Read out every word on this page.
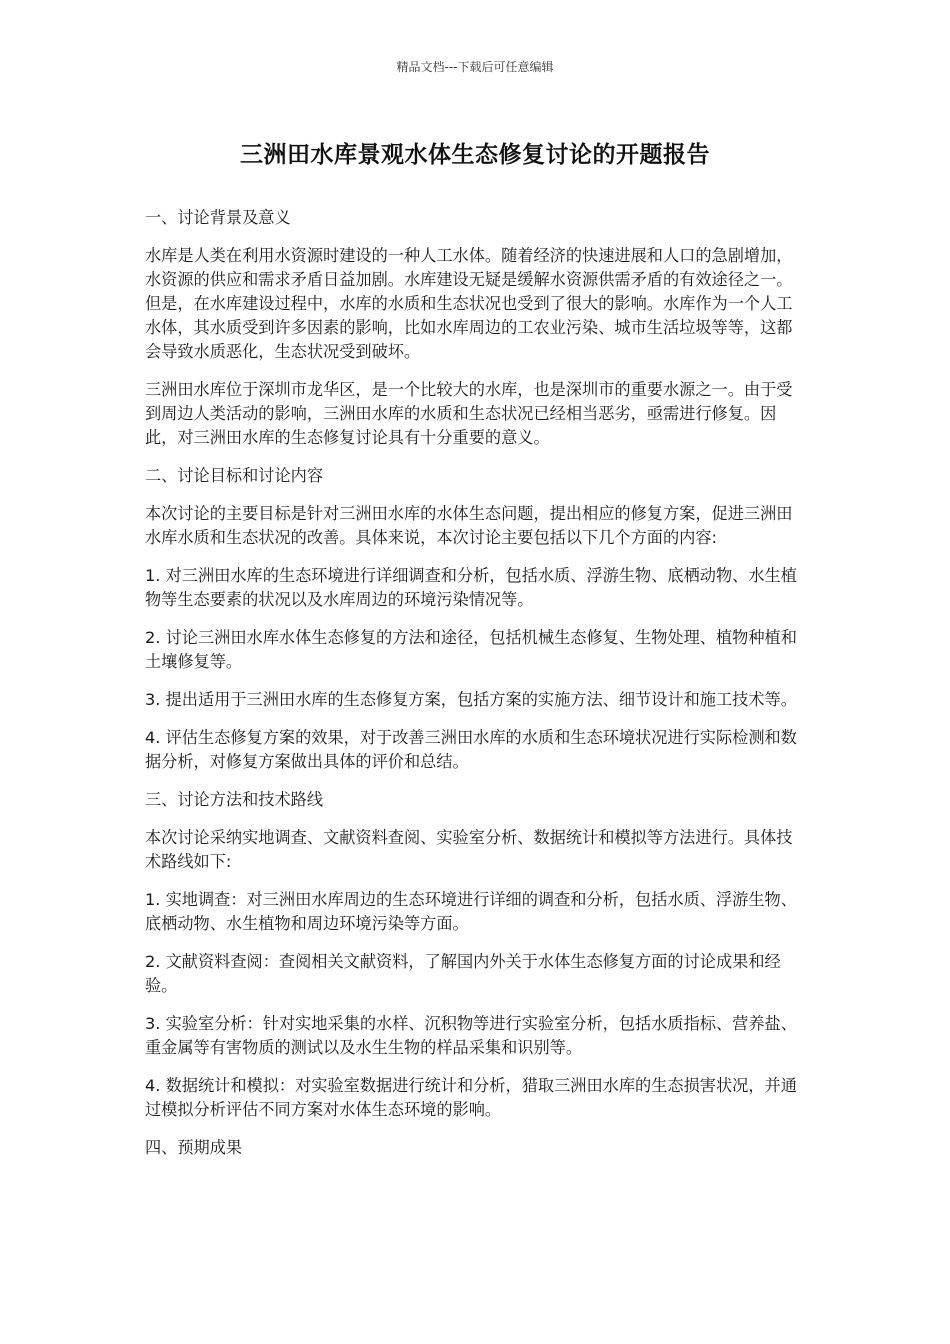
精品文档---下载后可任意编辑
三洲田水库景观水体生态修复讨论的开题报告
一、讨论背景及意义

水库是人类在利用水资源时建设的一种人工水体。随着经济的快速进展和人口的急剧增加，水资源的供应和需求矛盾日益加剧。水库建设无疑是缓解水资源供需矛盾的有效途径之一。但是，在水库建设过程中，水库的水质和生态状况也受到了很大的影响。水库作为一个人工水体，其水质受到许多因素的影响，比如水库周边的工农业污染、城市生活垃圾等等，这都会导致水质恶化，生态状况受到破坏。

三洲田水库位于深圳市龙华区，是一个比较大的水库，也是深圳市的重要水源之一。由于受到周边人类活动的影响，三洲田水库的水质和生态状况已经相当恶劣，亟需进行修复。因此，对三洲田水库的生态修复讨论具有十分重要的意义。

二、讨论目标和讨论内容

本次讨论的主要目标是针对三洲田水库的水体生态问题，提出相应的修复方案，促进三洲田水库水质和生态状况的改善。具体来说，本次讨论主要包括以下几个方面的内容:

1. 对三洲田水库的生态环境进行详细调查和分析，包括水质、浮游生物、底栖动物、水生植物等生态要素的状况以及水库周边的环境污染情况等。

2. 讨论三洲田水库水体生态修复的方法和途径，包括机械生态修复、生物处理、植物种植和土壤修复等。

3. 提出适用于三洲田水库的生态修复方案，包括方案的实施方法、细节设计和施工技术等。

4. 评估生态修复方案的效果，对于改善三洲田水库的水质和生态环境状况进行实际检测和数据分析，对修复方案做出具体的评价和总结。

三、讨论方法和技术路线

本次讨论采纳实地调查、文献资料查阅、实验室分析、数据统计和模拟等方法进行。具体技术路线如下:

1. 实地调查：对三洲田水库周边的生态环境进行详细的调查和分析，包括水质、浮游生物、底栖动物、水生植物和周边环境污染等方面。

2. 文献资料查阅：查阅相关文献资料，了解国内外关于水体生态修复方面的讨论成果和经验。

3. 实验室分析：针对实地采集的水样、沉积物等进行实验室分析，包括水质指标、营养盐、重金属等有害物质的测试以及水生生物的样品采集和识别等。

4. 数据统计和模拟：对实验室数据进行统计和分析，猎取三洲田水库的生态损害状况，并通过模拟分析评估不同方案对水体生态环境的影响。

四、预期成果
